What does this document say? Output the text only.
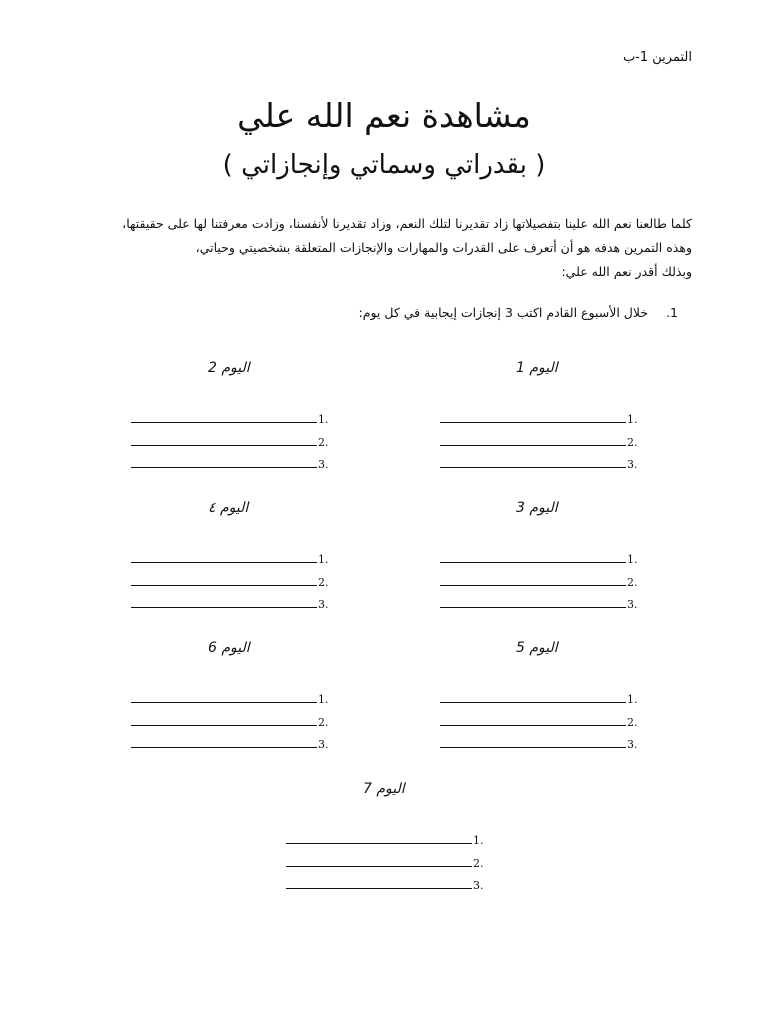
التمرين 1-ب
مشاهدة نعم الله علي
( بقدراتي وسماتي وإنجازاتي )
كلما طالعنا نعم الله علينا بتفصيلاتها زاد تقديرنا لتلك النعم، وزاد تقديرنا لأنفسنا، وزادت معرفتنا لها على حقيقتها،
وهذه التمرين هدفه هو أن أتعرف على القدرات والمهارات والإنجازات المتعلقة بشخصيتي وحياتي،
وبذلك أقدر نعم الله علي:
1.خلال الأسبوع القادم اكتب 3 إنجازات إيجابية في كل يوم:
اليوم 1
1.
2.
3.
اليوم 2
1.
2.
3.
اليوم 3
1.
2.
3.
اليوم ٤
1.
2.
3.
اليوم 5
1.
2.
3.
اليوم 6
1.
2.
3.
اليوم 7
1.
2.
3.
